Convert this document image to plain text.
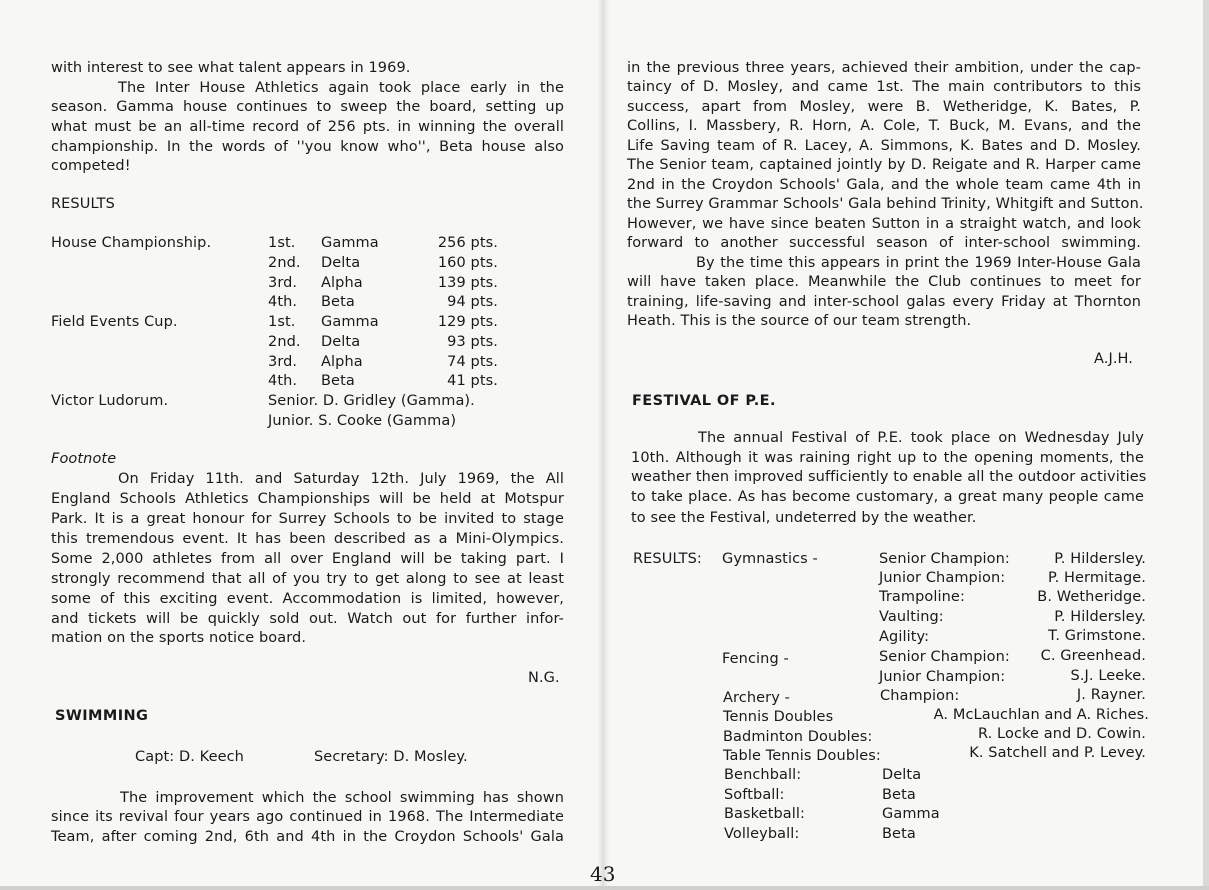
with interest to see what talent appears in 1969.
The Inter House Athletics again took place early in the
season. Gamma house continues to sweep the board, setting up
what must be an all-time record of 256 pts. in winning the overall
championship. In the words of ''you know who'', Beta house also
competed!
RESULTS
House Championship.	1st. Gamma	256 pts.
2nd. Delta	160 pts.
3rd. Alpha	139 pts.
4th. Beta	94 pts.
Field Events Cup.	1st. Gamma	129 pts.
2nd. Delta	93 pts.
3rd. Alpha	74 pts.
4th. Beta	41 pts.
Victor Ludorum.	Senior. D. Gridley (Gamma).
Junior. S. Cooke (Gamma)
Footnote
On Friday 11th. and Saturday 12th. July 1969, the All
England Schools Athletics Championships will be held at Motspur
Park. It is a great honour for Surrey Schools to be invited to stage
this tremendous event. It has been described as a Mini-Olympics.
Some 2,000 athletes from all over England will be taking part. I
strongly recommend that all of you try to get along to see at least
some of this exciting event. Accommodation is limited, however,
and tickets will be quickly sold out. Watch out for further infor-
mation on the sports notice board.
N.G.
SWIMMING
Capt: D. Keech	Secretary: D. Mosley.
The improvement which the school swimming has shown
since its revival four years ago continued in 1968. The Intermediate
Team, after coming 2nd, 6th and 4th in the Croydon Schools' Gala
43
in the previous three years, achieved their ambition, under the cap-
taincy of D. Mosley, and came 1st. The main contributors to this
success, apart from Mosley, were B. Wetheridge, K. Bates, P.
Collins, I. Massbery, R. Horn, A. Cole, T. Buck, M. Evans, and the
Life Saving team of R. Lacey, A. Simmons, K. Bates and D. Mosley.
The Senior team, captained jointly by D. Reigate and R. Harper came
2nd in the Croydon Schools' Gala, and the whole team came 4th in
the Surrey Grammar Schools' Gala behind Trinity, Whitgift and Sutton.
However, we have since beaten Sutton in a straight watch, and look
forward to another successful season of inter-school swimming.
By the time this appears in print the 1969 Inter-House Gala
will have taken place. Meanwhile the Club continues to meet for
training, life-saving and inter-school galas every Friday at Thornton
Heath. This is the source of our team strength.
A.J.H.
FESTIVAL OF P.E.
The annual Festival of P.E. took place on Wednesday July
10th. Although it was raining right up to the opening moments, the
weather then improved sufficiently to enable all the outdoor activities
to take place. As has become customary, a great many people came
to see the Festival, undeterred by the weather.
RESULTS: Gymnastics -	Senior Champion:	P. Hildersley.
Junior Champion:	P. Hermitage.
Trampoline:	B. Wetheridge.
Vaulting:	P. Hildersley.
Agility:	T. Grimstone.
Fencing -	Senior Champion:	C. Greenhead.
Junior Champion:	S.J. Leeke.
Archery -	Champion:	J. Rayner.
Tennis Doubles	A. McLauchlan and A. Riches.
Badminton Doubles:	R. Locke and D. Cowin.
Table Tennis Doubles:	K. Satchell and P. Levey.
Benchball:	Delta
Softball:	Beta
Basketball:	Gamma
Volleyball:	Beta
